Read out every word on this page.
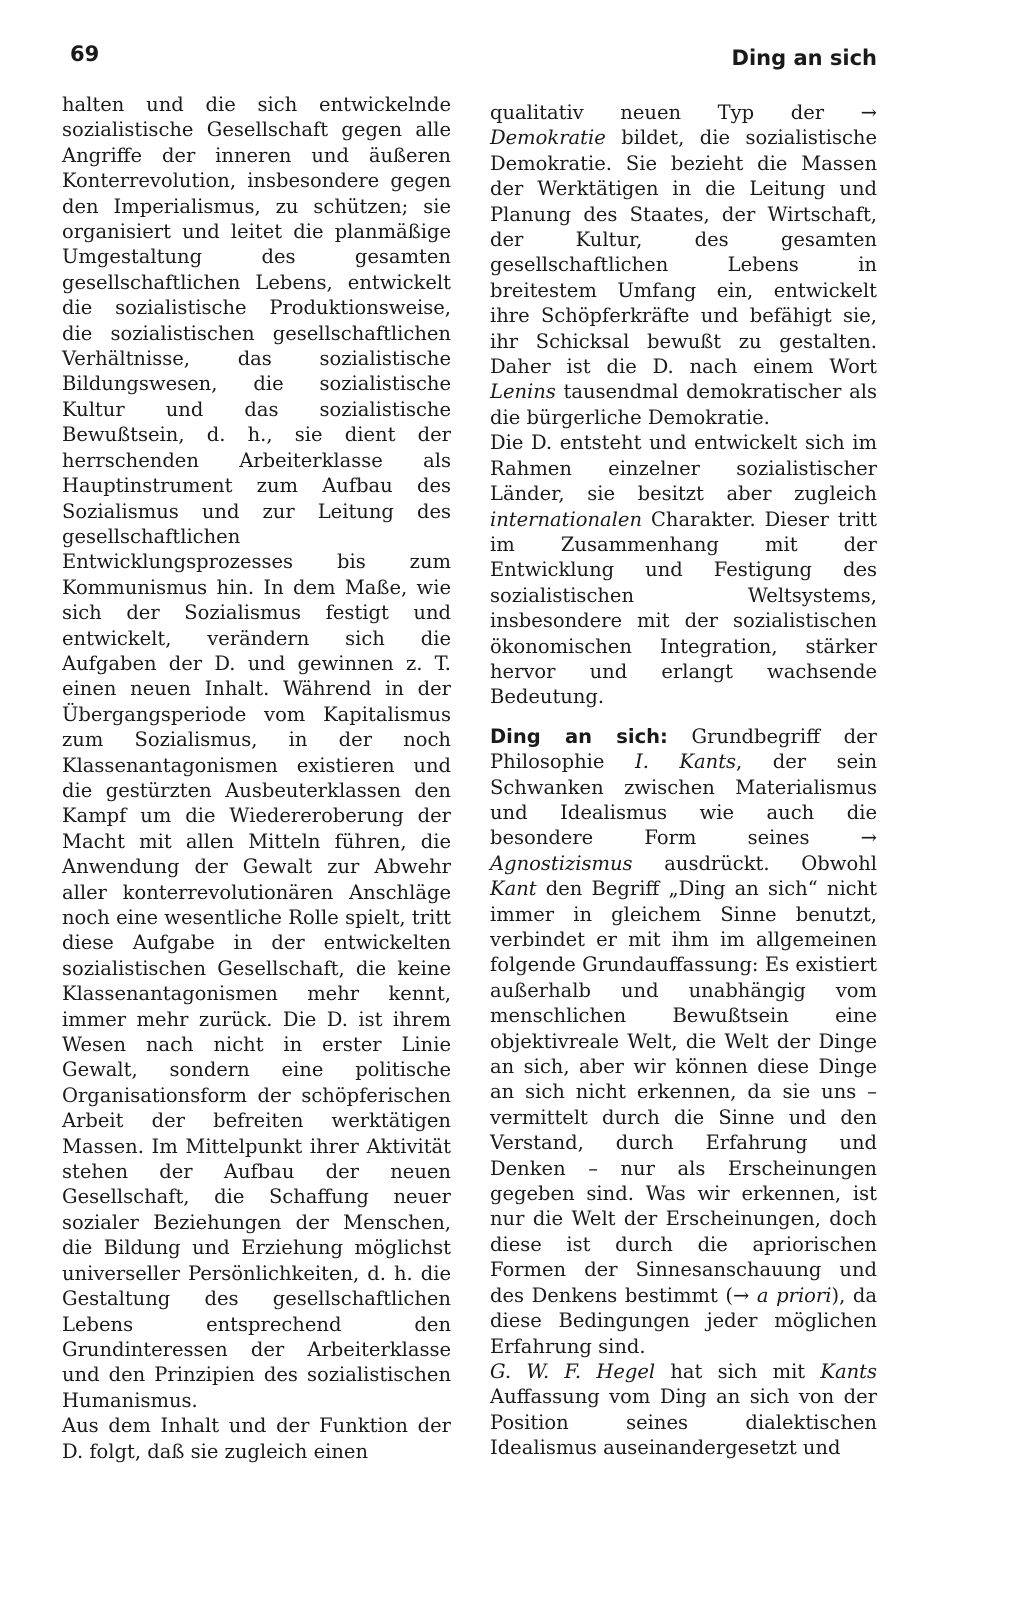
69	Ding an sich

halten und die sich entwickelnde sozialistische Gesellschaft gegen alle Angriffe der inneren und äußeren Konterrevolution, insbesondere gegen den Imperialismus, zu schützen; sie organisiert und leitet die planmäßige Umgestaltung des gesamten gesellschaftlichen Lebens, entwickelt die sozialistische Produktionsweise, die sozialistischen gesellschaftlichen Verhältnisse, das sozialistische Bildungswesen, die sozialistische Kultur und das sozialistische Bewußtsein, d. h., sie dient der herrschenden Arbeiterklasse als Hauptinstrument zum Aufbau des Sozialismus und zur Leitung des gesellschaftlichen Entwicklungsprozesses bis zum Kommunismus hin. In dem Maße, wie sich der Sozialismus festigt und entwickelt, verändern sich die Aufgaben der D. und gewinnen z. T. einen neuen Inhalt. Während in der Übergangsperiode vom Kapitalismus zum Sozialismus, in der noch Klassenantagonismen existieren und die gestürzten Ausbeuterklassen den Kampf um die Wiedereroberung der Macht mit allen Mitteln führen, die Anwendung der Gewalt zur Abwehr aller konterrevolutionären Anschläge noch eine wesentliche Rolle spielt, tritt diese Aufgabe in der entwickelten sozialistischen Gesellschaft, die keine Klassenantagonismen mehr kennt, immer mehr zurück. Die D. ist ihrem Wesen nach nicht in erster Linie Gewalt, sondern eine politische Organisationsform der schöpferischen Arbeit der befreiten werktätigen Massen. Im Mittelpunkt ihrer Aktivität stehen der Aufbau der neuen Gesellschaft, die Schaffung neuer sozialer Beziehungen der Menschen, die Bildung und Erziehung möglichst universeller Persönlichkeiten, d. h. die Gestaltung des gesellschaftlichen Lebens entsprechend den Grundinteressen der Arbeiterklasse und den Prinzipien des sozialistischen Humanismus.

Aus dem Inhalt und der Funktion der D. folgt, daß sie zugleich einen

qualitativ neuen Typ der → Demokratie bildet, die sozialistische Demokratie. Sie bezieht die Massen der Werktätigen in die Leitung und Planung des Staates, der Wirtschaft, der Kultur, des gesamten gesellschaftlichen Lebens in breitestem Umfang ein, entwickelt ihre Schöpferkräfte und befähigt sie, ihr Schicksal bewußt zu gestalten. Daher ist die D. nach einem Wort Lenins tausendmal demokratischer als die bürgerliche Demokratie.

Die D. entsteht und entwickelt sich im Rahmen einzelner sozialistischer Länder, sie besitzt aber zugleich internationalen Charakter. Dieser tritt im Zusammenhang mit der Entwicklung und Festigung des sozialistischen Weltsystems, insbesondere mit der sozialistischen ökonomischen Integration, stärker hervor und erlangt wachsende Bedeutung.

Ding an sich: Grundbegriff der Philosophie I. Kants, der sein Schwanken zwischen Materialismus und Idealismus wie auch die besondere Form seines → Agnostizismus ausdrückt. Obwohl Kant den Begriff „Ding an sich“ nicht immer in gleichem Sinne benutzt, verbindet er mit ihm im allgemeinen folgende Grundauffassung: Es existiert außerhalb und unabhängig vom menschlichen Bewußtsein eine objektivreale Welt, die Welt der Dinge an sich, aber wir können diese Dinge an sich nicht erkennen, da sie uns – vermittelt durch die Sinne und den Verstand, durch Erfahrung und Denken – nur als Erscheinungen gegeben sind. Was wir erkennen, ist nur die Welt der Erscheinungen, doch diese ist durch die apriorischen Formen der Sinnesanschauung und des Denkens bestimmt (→ a priori), da diese Bedingungen jeder möglichen Erfahrung sind.

G. W. F. Hegel hat sich mit Kants Auffassung vom Ding an sich von der Position seines dialektischen Idealismus auseinandergesetzt und
